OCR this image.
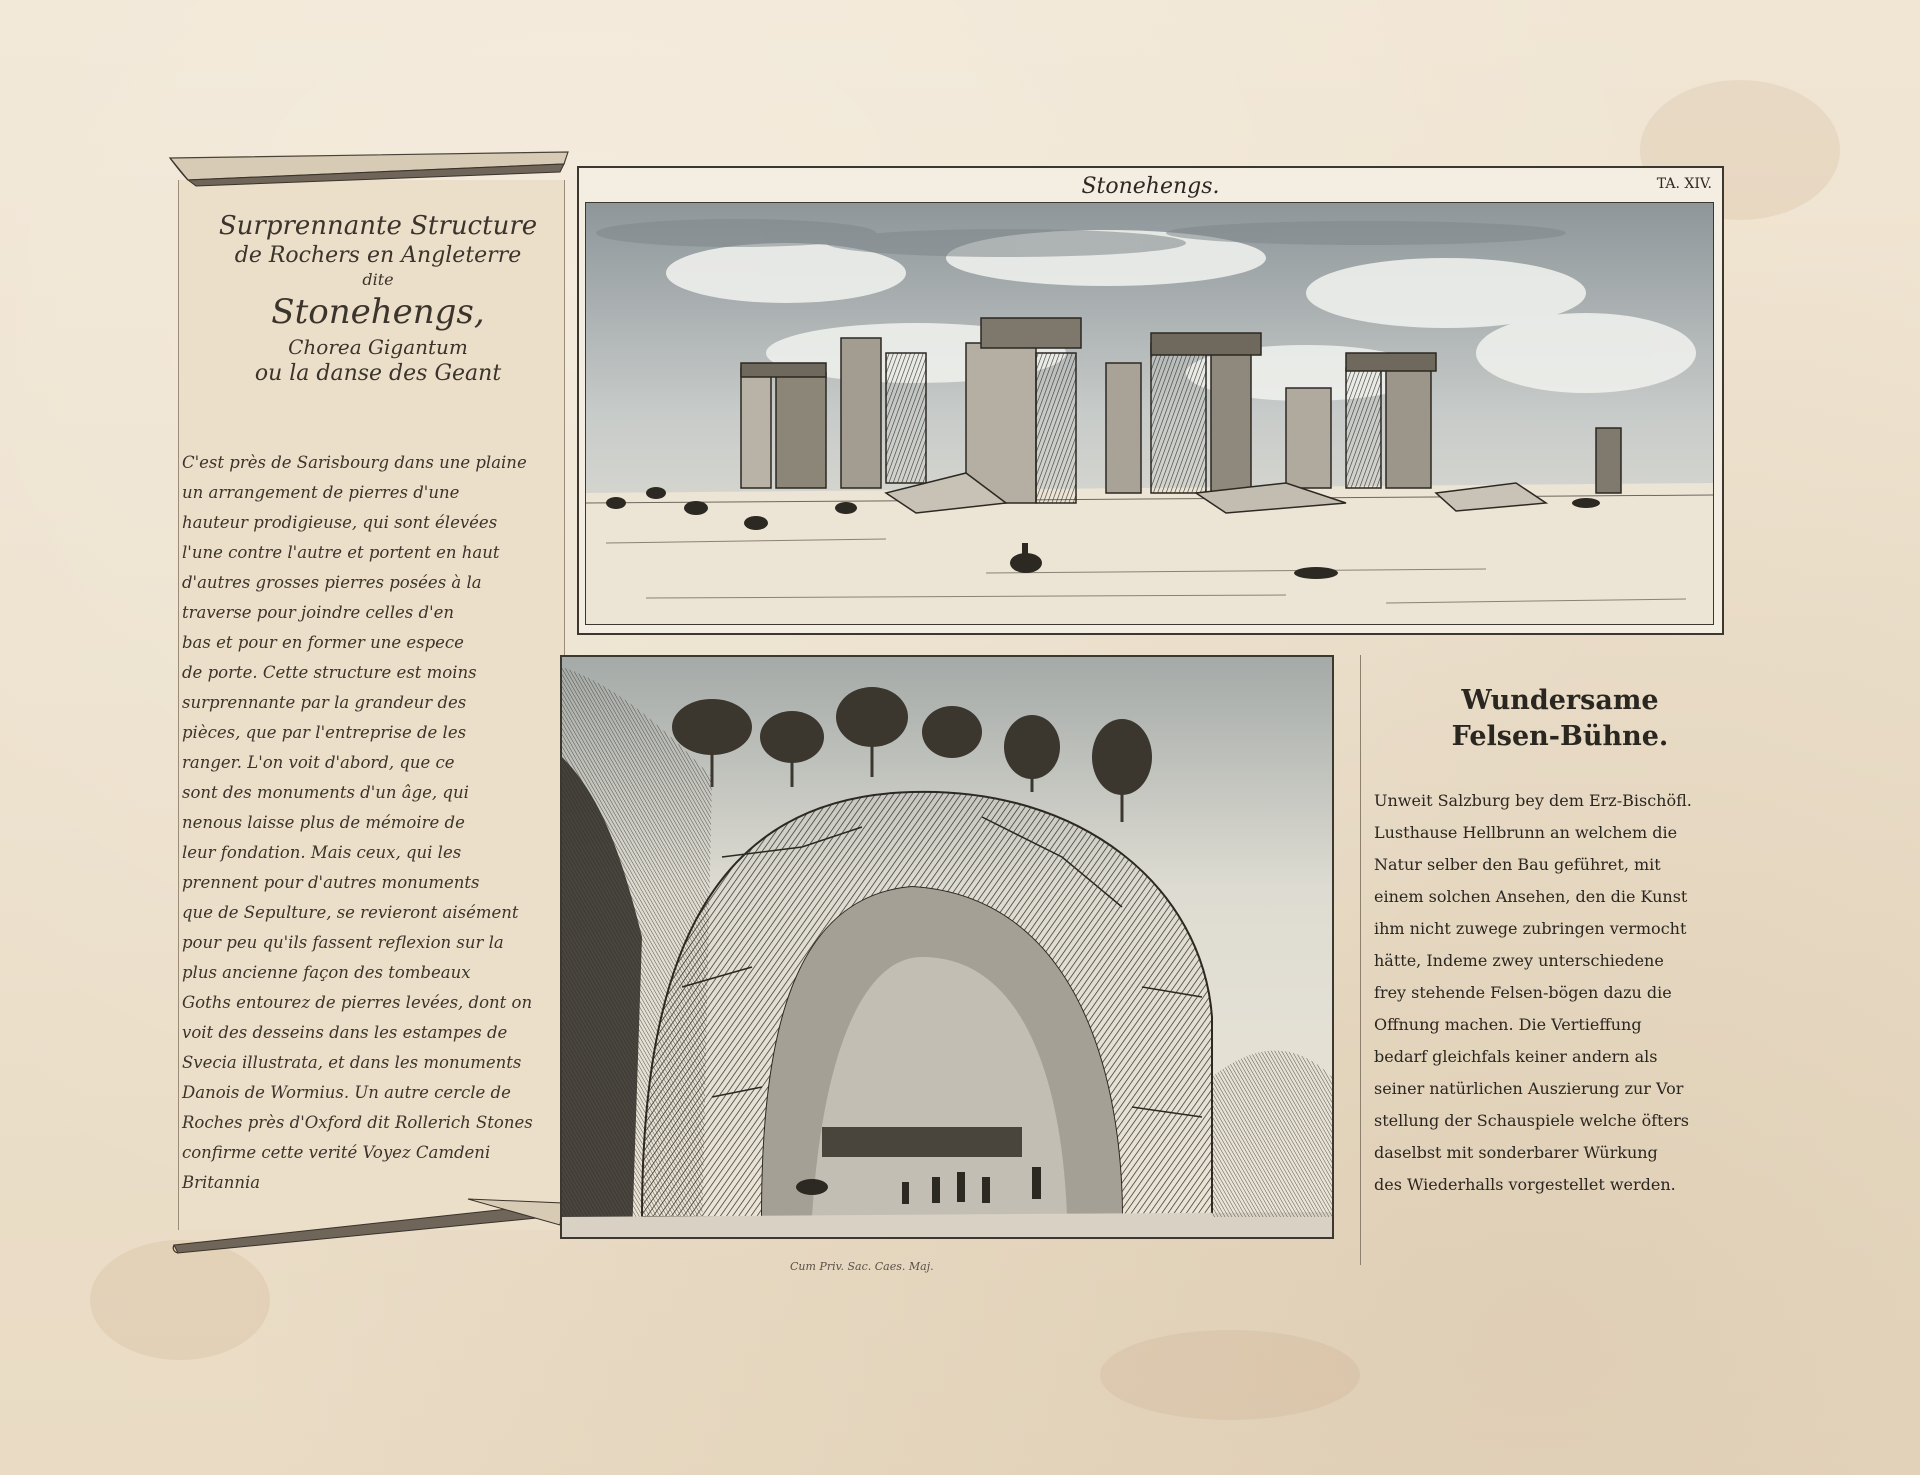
Surprennante Structure
de Rochers en Angleterre
dite
Stonehengs,
Chorea Gigantum
ou la danse des Geant
C'est près de Sarisbourg dans une plaine
un arrangement de pierres d'une
hauteur prodigieuse, qui sont élevées
l'une contre l'autre et portent en haut
d'autres grosses pierres posées à la
traverse pour joindre celles d'en
bas et pour en former une espece
de porte. Cette structure est moins
surprennante par la grandeur des
pièces, que par l'entreprise de les
ranger. L'on voit d'abord, que ce
sont des monuments d'un âge, qui
nenous laisse plus de mémoire de
leur fondation. Mais ceux, qui les
prennent pour d'autres monuments
que de Sepulture, se revieront aisément
pour peu qu'ils fassent reflexion sur la
plus ancienne façon des tombeaux
Goths entourez de pierres levées, dont on
voit des desseins dans les estampes de
Svecia illustrata, et dans les monuments
Danois de Wormius. Un autre cercle de
Roches près d'Oxford dit Rollerich Stones
confirme cette verité Voyez Camdeni Britannia
Stonehengs.	TA. XIV.
Cum Priv. Sac. Caes. Maj.
Wundersame
Felsen-Bühne.
Unweit Salzburg bey dem Erz-Bischöfl.
Lusthause Hellbrunn an welchem die
Natur selber den Bau geführet, mit
einem solchen Ansehen, den die Kunst
ihm nicht zuwege zubringen vermocht
hätte, Indeme zwey unterschiedene
frey stehende Felsen-bögen dazu die
Offnung machen. Die Vertieffung
bedarf gleichfals keiner andern als
seiner natürlichen Auszierung zur Vor
stellung der Schauspiele welche öfters
daselbst mit sonderbarer Würkung
des Wiederhalls vorgestellet werden.
